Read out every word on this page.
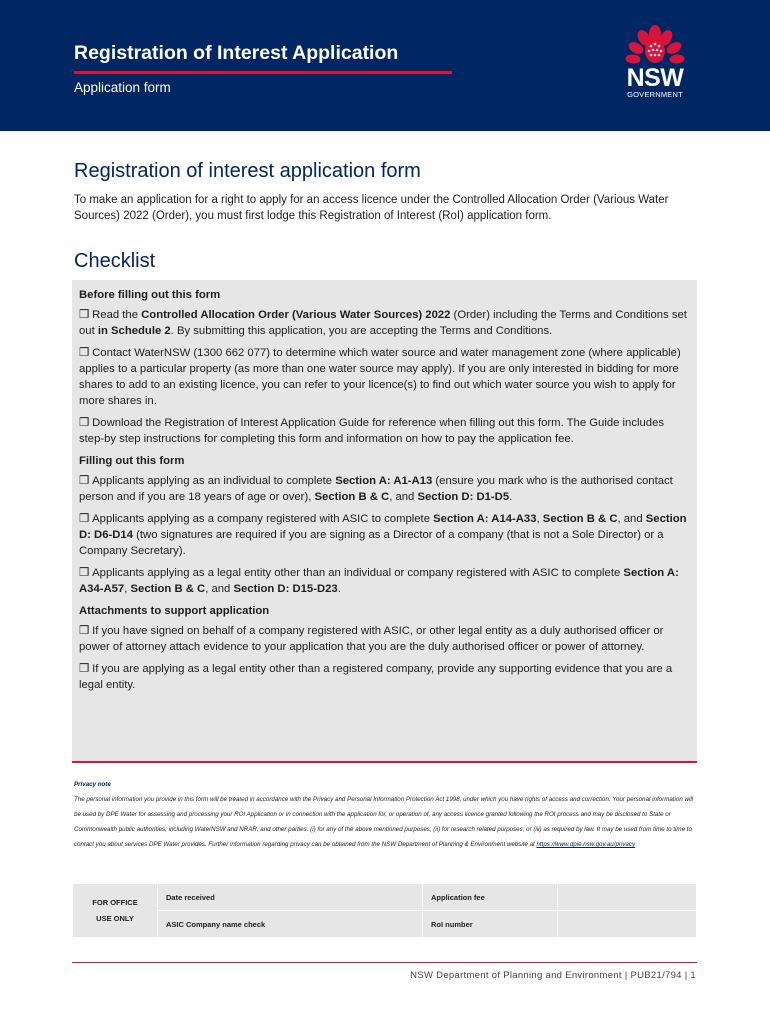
Registration of Interest Application
Application form	NSW
GOVERNMENT
Registration of interest application form
To make an application for a right to apply for an access licence under the Controlled Allocation Order (Various Water Sources) 2022 (Order), you must first lodge this Registration of Interest (RoI) application form.
Checklist
Before filling out this form
❒ Read the Controlled Allocation Order (Various Water Sources) 2022 (Order) including the Terms and Conditions set out in Schedule 2. By submitting this application, you are accepting the Terms and Conditions.
❒ Contact WaterNSW (1300 662 077) to determine which water source and water management zone (where applicable) applies to a particular property (as more than one water source may apply). If you are only interested in bidding for more shares to add to an existing licence, you can refer to your licence(s) to find out which water source you wish to apply for more shares in.
❒ Download the Registration of Interest Application Guide for reference when filling out this form. The Guide includes step-by step instructions for completing this form and information on how to pay the application fee.
Filling out this form
❒ Applicants applying as an individual to complete Section A: A1-A13 (ensure you mark who is the authorised contact person and if you are 18 years of age or over), Section B & C, and Section D: D1-D5.
❒ Applicants applying as a company registered with ASIC to complete Section A: A14-A33, Section B & C, and Section D: D6-D14 (two signatures are required if you are signing as a Director of a company (that is not a Sole Director) or a Company Secretary).
❒ Applicants applying as a legal entity other than an individual or company registered with ASIC to complete Section A: A34-A57, Section B & C, and Section D: D15-D23.
Attachments to support application
❒ If you have signed on behalf of a company registered with ASIC, or other legal entity as a duly authorised officer or power of attorney attach evidence to your application that you are the duly authorised officer or power of attorney.
❒ If you are applying as a legal entity other than a registered company, provide any supporting evidence that you are a legal entity.
Privacy note
The personal information you provide in this form will be treated in accordance with the Privacy and Personal Information Protection Act 1998, under which you have rights of access and correction. Your personal information will be used by DPE Water for assessing and processing your ROI Application or in connection with the application for, or operation of, any access licence granted following the ROI process and may be disclosed to State or Commonwealth public authorities, including WaterNSW and NRAR, and other parties: (i) for any of the above mentioned purposes; (ii) for research related purposes; or (iii) as required by law. It may be used from time to time to contact you about services DPE Water provides. Further information regarding privacy can be obtained from the NSW Department of Planning & Environment website at https://www.dpie.nsw.gov.au/privacy
FOR OFFICE
USE ONLY	Date received	Application fee	
	ASIC Company name check	RoI number	
NSW Department of Planning and Environment | PUB21/794 | 1
